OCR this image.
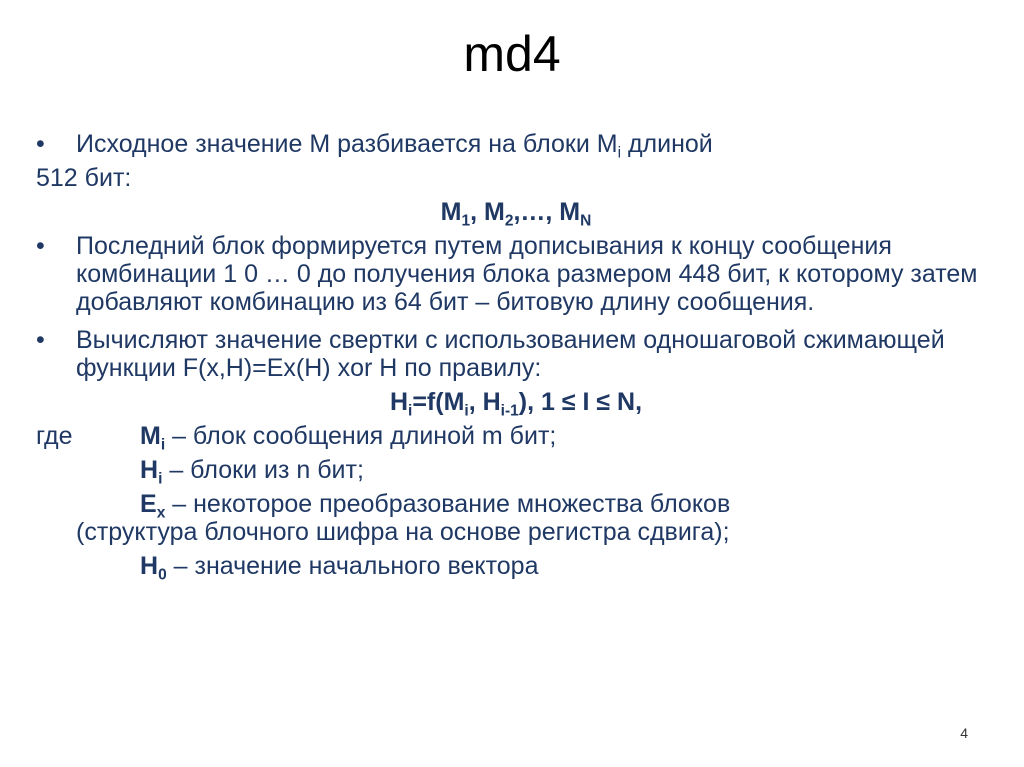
md4
•	Исходное значение М разбивается на блоки $М_i$ длиной
512 бит:
$М_1$, $М_2,\dots$, $М_N$
•	Последний блок формируется путем дописывания к концу сообщения комбинации 1 0 … 0 до получения блока размером 448 бит, к которому затем добавляют комбинацию из 64 бит – битовую длину сообщения.
•	Вычисляют значение свертки с использованием одношаговой сжимающей функции F(x,H)=Ex(H) xor H по правилу:
$H_i=f(M_i$, $H_{i-1}$), 1 ≤ I ≤ N,
где	$M_i$ – блок сообщения длиной m бит;
$H_i$ – блоки из n бит;
$E_x$ – некоторое преобразование множества блоков
(структура блочного шифра на основе регистра сдвига);
$H_0$ – значение начального вектора
4
